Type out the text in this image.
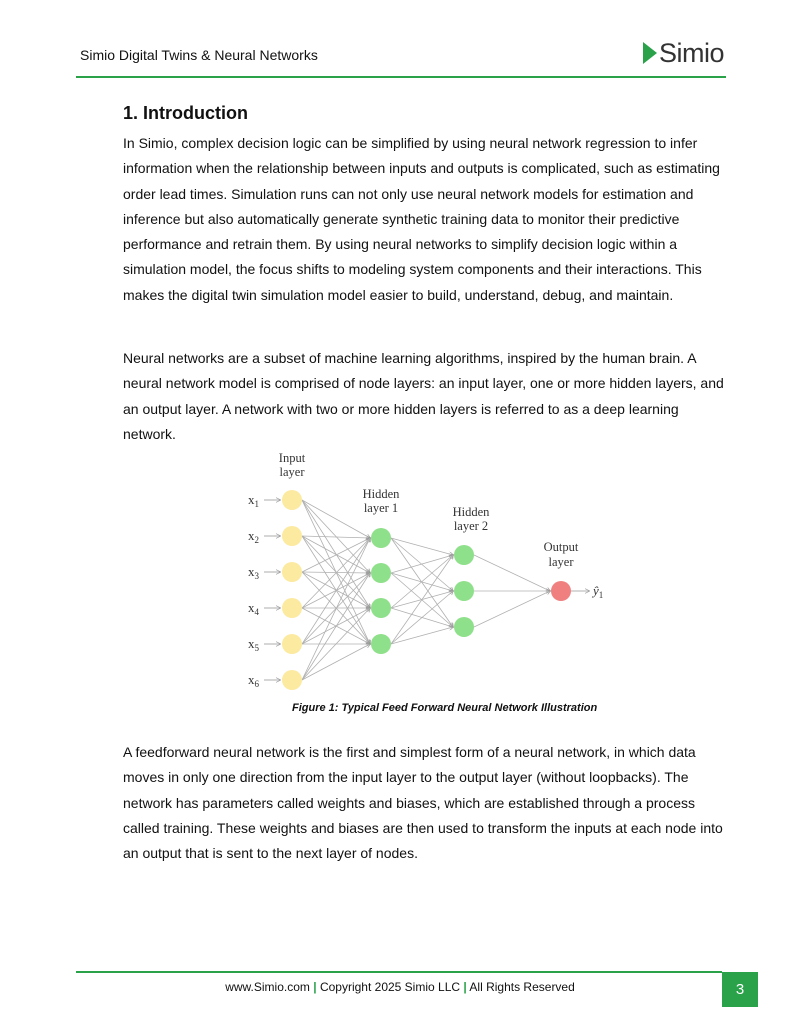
Simio Digital Twins & Neural Networks	Simio
1. Introduction

In Simio, complex decision logic can be simplified by using neural network regression to infer information when the relationship between inputs and outputs is complicated, such as estimating order lead times. Simulation runs can not only use neural network models for estimation and inference but also automatically generate synthetic training data to monitor their predictive performance and retrain them. By using neural networks to simplify decision logic within a simulation model, the focus shifts to modeling system components and their interactions. This makes the digital twin simulation model easier to build, understand, debug, and maintain.

Neural networks are a subset of machine learning algorithms, inspired by the human brain. A neural network model is comprised of node layers: an input layer, one or more hidden layers, and an output layer. A network with two or more hidden layers is referred to as a deep learning network.

Input
layer
Hidden
layer 1	Hidden
layer 2
Output
layer
$x_1$
$x_2$
$x_3$
$x_4$
$x_5$
$x_6$
$ŷ_1$
Figure 1: Typical Feed Forward Neural Network Illustration

A feedforward neural network is the first and simplest form of a neural network, in which data moves in only one direction from the input layer to the output layer (without loopbacks). The network has parameters called weights and biases, which are established through a process called training. These weights and biases are then used to transform the inputs at each node into an output that is sent to the next layer of nodes.

www.Simio.com | Copyright 2025 Simio LLC | All Rights Reserved	3
